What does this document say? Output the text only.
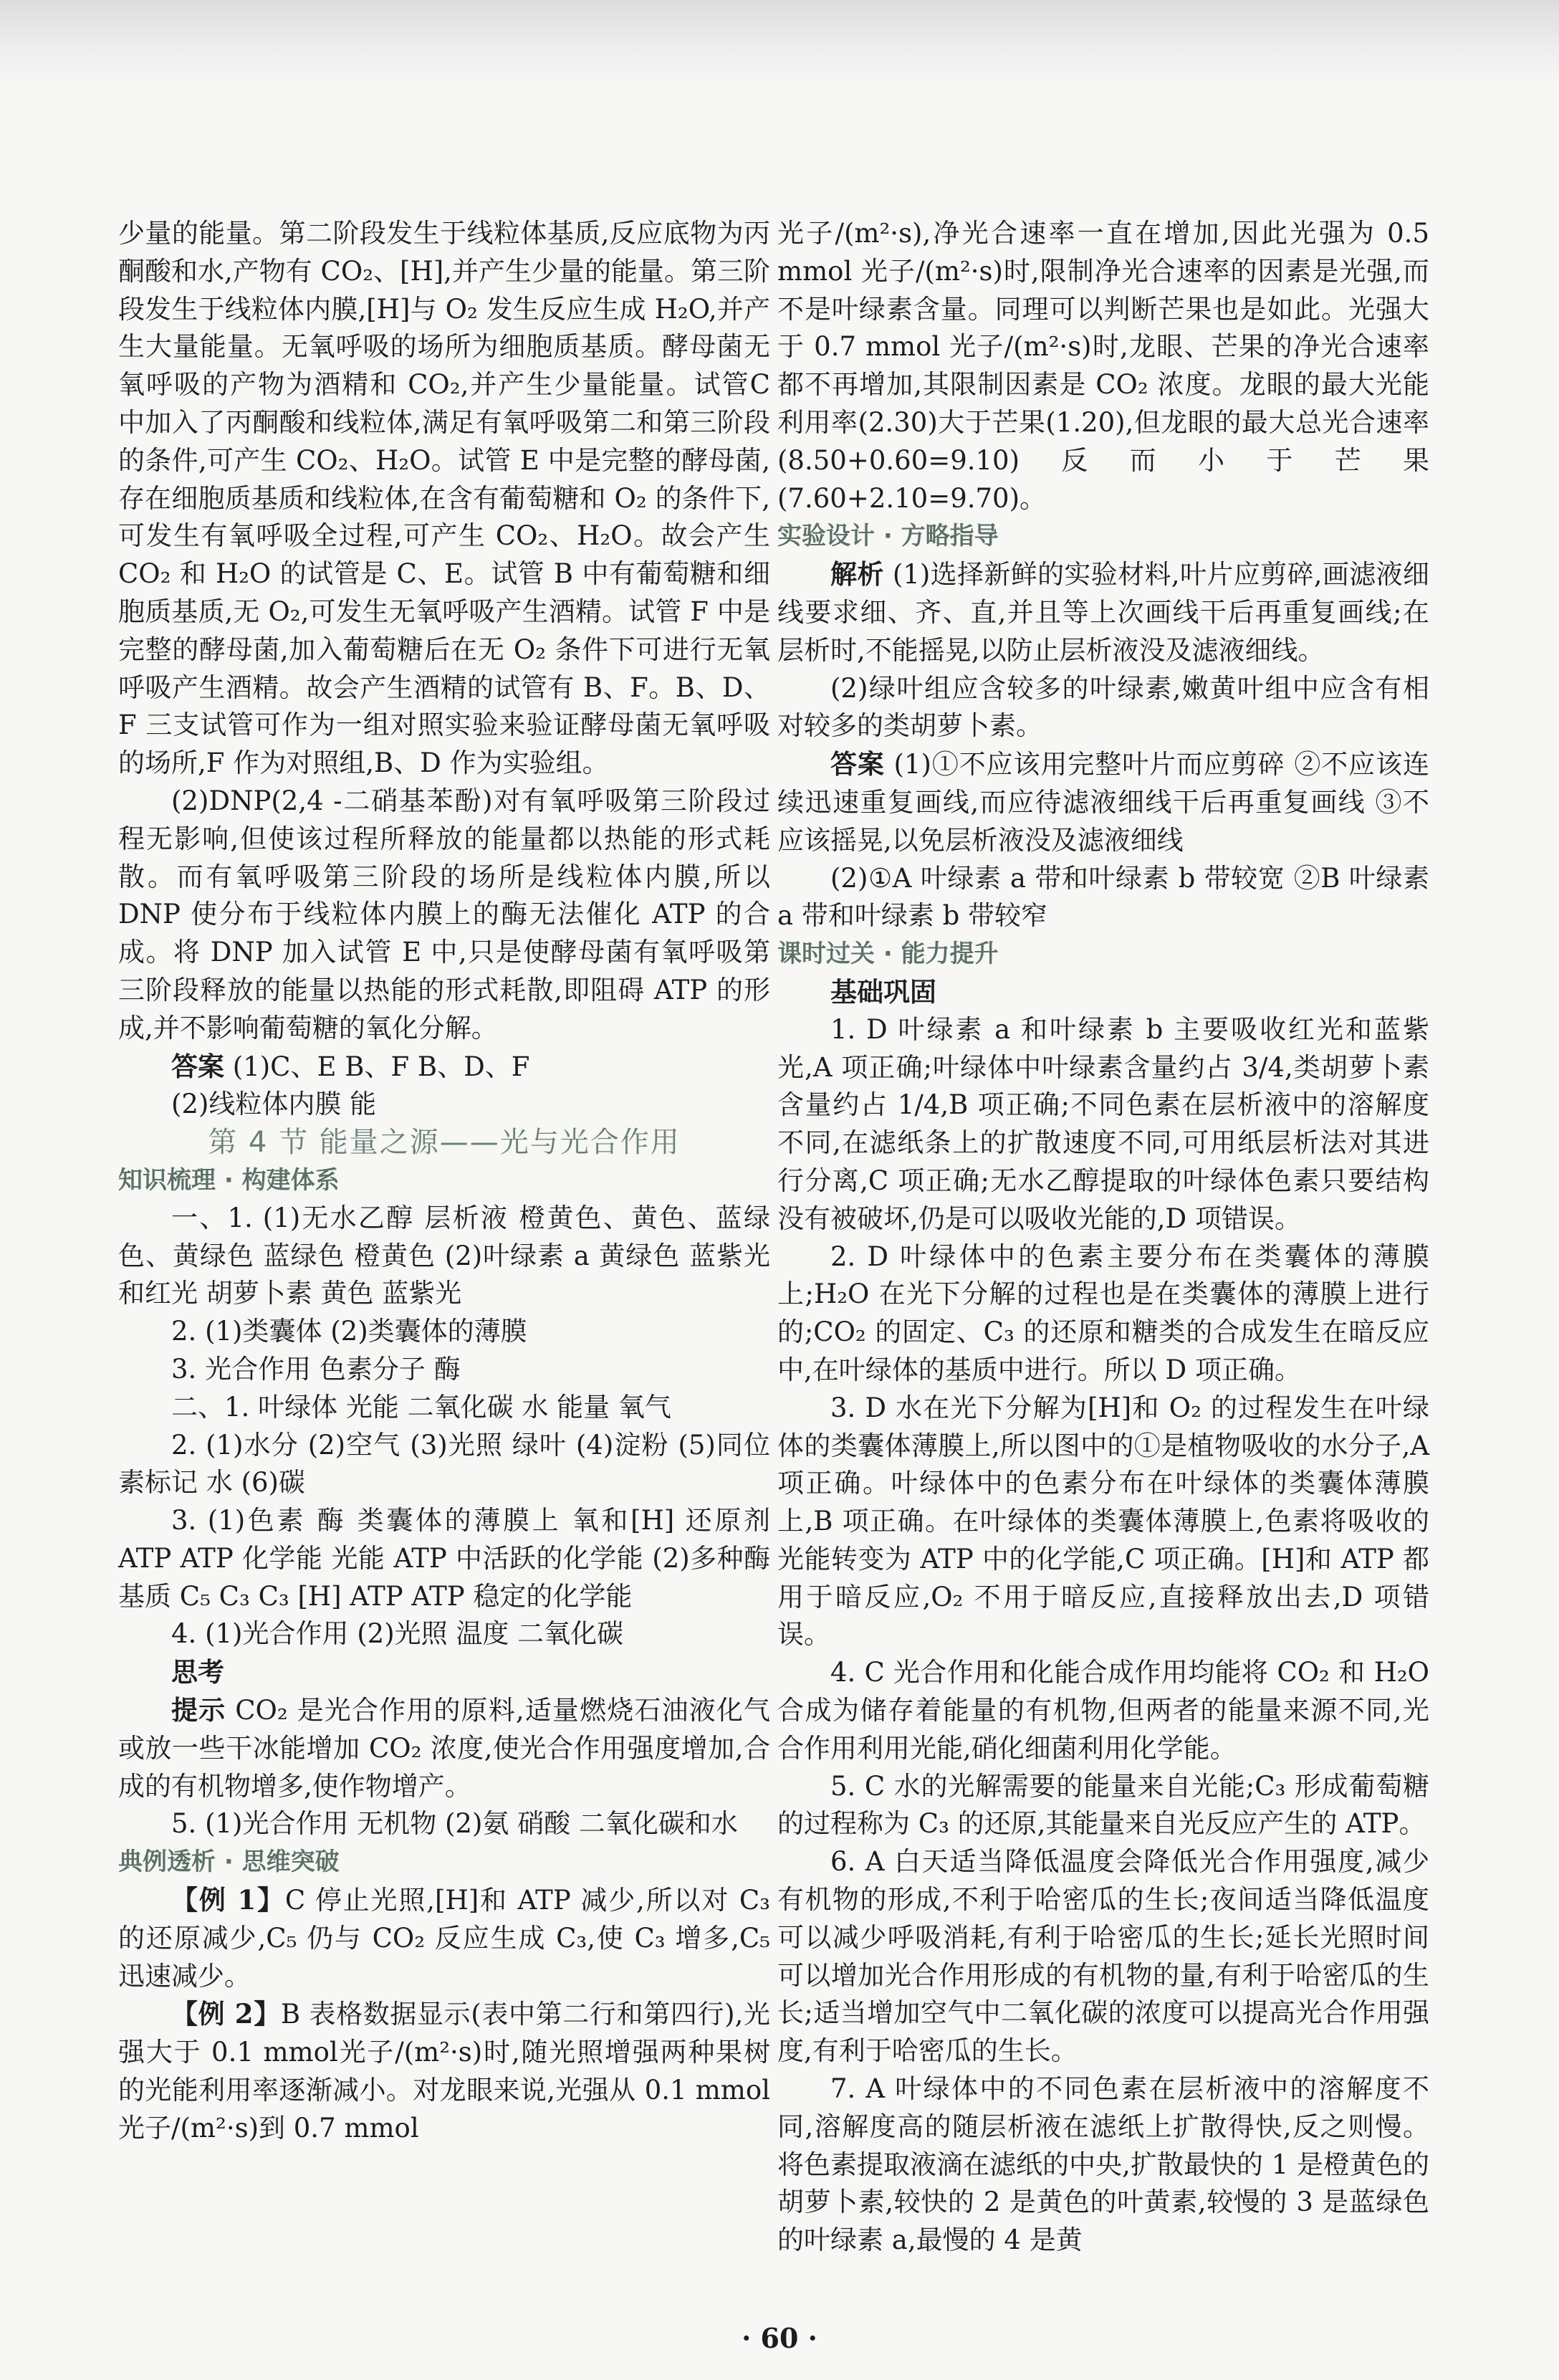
少量的能量。第二阶段发生于线粒体基质,反应底物为丙酮酸和水,产物有 CO₂、[H],并产生少量的能量。第三阶段发生于线粒体内膜,[H]与 O₂ 发生反应生成 H₂O,并产生大量能量。无氧呼吸的场所为细胞质基质。酵母菌无氧呼吸的产物为酒精和 CO₂,并产生少量能量。试管C 中加入了丙酮酸和线粒体,满足有氧呼吸第二和第三阶段的条件,可产生 CO₂、H₂O。试管 E 中是完整的酵母菌,存在细胞质基质和线粒体,在含有葡萄糖和 O₂ 的条件下,可发生有氧呼吸全过程,可产生 CO₂、H₂O。故会产生 CO₂ 和 H₂O 的试管是 C、E。试管 B 中有葡萄糖和细胞质基质,无 O₂,可发生无氧呼吸产生酒精。试管 F 中是完整的酵母菌,加入葡萄糖后在无 O₂ 条件下可进行无氧呼吸产生酒精。故会产生酒精的试管有 B、F。B、D、F 三支试管可作为一组对照实验来验证酵母菌无氧呼吸的场所,F 作为对照组,B、D 作为实验组。

(2)DNP(2,4 -二硝基苯酚)对有氧呼吸第三阶段过程无影响,但使该过程所释放的能量都以热能的形式耗散。而有氧呼吸第三阶段的场所是线粒体内膜,所以 DNP 使分布于线粒体内膜上的酶无法催化 ATP 的合成。将 DNP 加入试管 E 中,只是使酵母菌有氧呼吸第三阶段释放的能量以热能的形式耗散,即阻碍 ATP 的形成,并不影响葡萄糖的氧化分解。

答案 (1)C、E B、F B、D、F

(2)线粒体内膜 能

第 4 节 能量之源——光与光合作用

知识梳理 · 构建体系

一、1. (1)无水乙醇 层析液 橙黄色、黄色、蓝绿色、黄绿色 蓝绿色 橙黄色 (2)叶绿素 a 黄绿色 蓝紫光和红光 胡萝卜素 黄色 蓝紫光

2. (1)类囊体 (2)类囊体的薄膜

3. 光合作用 色素分子 酶

二、1. 叶绿体 光能 二氧化碳 水 能量 氧气

2. (1)水分 (2)空气 (3)光照 绿叶 (4)淀粉 (5)同位素标记 水 (6)碳

3. (1)色素 酶 类囊体的薄膜上 氧和[H] 还原剂 ATP ATP 化学能 光能 ATP 中活跃的化学能 (2)多种酶 基质 C₅ C₃ C₃ [H] ATP ATP 稳定的化学能

4. (1)光合作用 (2)光照 温度 二氧化碳

思考

提示 CO₂ 是光合作用的原料,适量燃烧石油液化气或放一些干冰能增加 CO₂ 浓度,使光合作用强度增加,合成的有机物增多,使作物增产。

5. (1)光合作用 无机物 (2)氨 硝酸 二氧化碳和水

典例透析 · 思维突破

【例 1】C 停止光照,[H]和 ATP 减少,所以对 C₃ 的还原减少,C₅ 仍与 CO₂ 反应生成 C₃,使 C₃ 增多,C₅ 迅速减少。

【例 2】B 表格数据显示(表中第二行和第四行),光强大于 0.1 mmol光子/(m²·s)时,随光照增强两种果树的光能利用率逐渐减小。对龙眼来说,光强从 0.1 mmol 光子/(m²·s)到 0.7 mmol

光子/(m²·s),净光合速率一直在增加,因此光强为 0.5 mmol 光子/(m²·s)时,限制净光合速率的因素是光强,而不是叶绿素含量。同理可以判断芒果也是如此。光强大于 0.7 mmol 光子/(m²·s)时,龙眼、芒果的净光合速率都不再增加,其限制因素是 CO₂ 浓度。龙眼的最大光能利用率(2.30)大于芒果(1.20),但龙眼的最大总光合速率(8.50+0.60=9.10)反而小于芒果(7.60+2.10=9.70)。

实验设计 · 方略指导

解析 (1)选择新鲜的实验材料,叶片应剪碎,画滤液细线要求细、齐、直,并且等上次画线干后再重复画线;在层析时,不能摇晃,以防止层析液没及滤液细线。

(2)绿叶组应含较多的叶绿素,嫩黄叶组中应含有相对较多的类胡萝卜素。

答案 (1)①不应该用完整叶片而应剪碎 ②不应该连续迅速重复画线,而应待滤液细线干后再重复画线 ③不应该摇晃,以免层析液没及滤液细线

(2)①A 叶绿素 a 带和叶绿素 b 带较宽 ②B 叶绿素 a 带和叶绿素 b 带较窄

课时过关 · 能力提升

基础巩固

1. D 叶绿素 a 和叶绿素 b 主要吸收红光和蓝紫光,A 项正确;叶绿体中叶绿素含量约占 3/4,类胡萝卜素含量约占 1/4,B 项正确;不同色素在层析液中的溶解度不同,在滤纸条上的扩散速度不同,可用纸层析法对其进行分离,C 项正确;无水乙醇提取的叶绿体色素只要结构没有被破坏,仍是可以吸收光能的,D 项错误。

2. D 叶绿体中的色素主要分布在类囊体的薄膜上;H₂O 在光下分解的过程也是在类囊体的薄膜上进行的;CO₂ 的固定、C₃ 的还原和糖类的合成发生在暗反应中,在叶绿体的基质中进行。所以 D 项正确。

3. D 水在光下分解为[H]和 O₂ 的过程发生在叶绿体的类囊体薄膜上,所以图中的①是植物吸收的水分子,A 项正确。叶绿体中的色素分布在叶绿体的类囊体薄膜上,B 项正确。在叶绿体的类囊体薄膜上,色素将吸收的光能转变为 ATP 中的化学能,C 项正确。[H]和 ATP 都用于暗反应,O₂ 不用于暗反应,直接释放出去,D 项错误。

4. C 光合作用和化能合成作用均能将 CO₂ 和 H₂O 合成为储存着能量的有机物,但两者的能量来源不同,光合作用利用光能,硝化细菌利用化学能。

5. C 水的光解需要的能量来自光能;C₃ 形成葡萄糖的过程称为 C₃ 的还原,其能量来自光反应产生的 ATP。

6. A 白天适当降低温度会降低光合作用强度,减少有机物的形成,不利于哈密瓜的生长;夜间适当降低温度可以减少呼吸消耗,有利于哈密瓜的生长;延长光照时间可以增加光合作用形成的有机物的量,有利于哈密瓜的生长;适当增加空气中二氧化碳的浓度可以提高光合作用强度,有利于哈密瓜的生长。

7. A 叶绿体中的不同色素在层析液中的溶解度不同,溶解度高的随层析液在滤纸上扩散得快,反之则慢。将色素提取液滴在滤纸的中央,扩散最快的 1 是橙黄色的胡萝卜素,较快的 2 是黄色的叶黄素,较慢的 3 是蓝绿色的叶绿素 a,最慢的 4 是黄

· 60 ·
